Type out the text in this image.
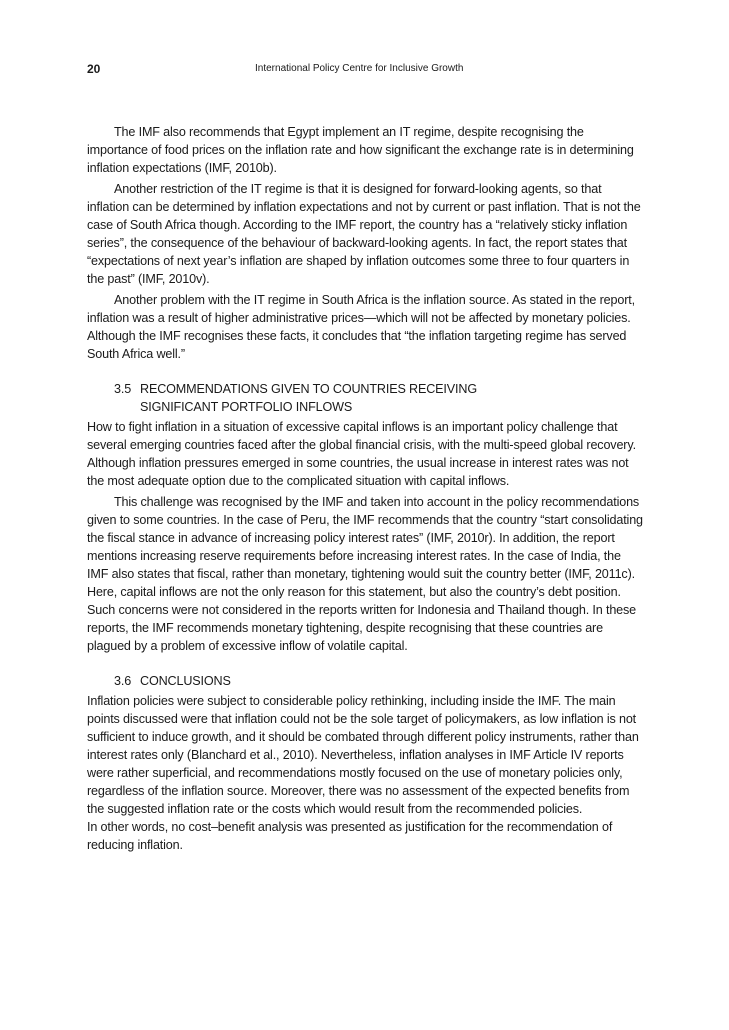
20	International Policy Centre for Inclusive Growth

The IMF also recommends that Egypt implement an IT regime, despite recognising the importance of food prices on the inflation rate and how significant the exchange rate is in determining inflation expectations (IMF, 2010b).

Another restriction of the IT regime is that it is designed for forward-looking agents, so that inflation can be determined by inflation expectations and not by current or past inflation. That is not the case of South Africa though. According to the IMF report, the country has a “relatively sticky inflation series”, the consequence of the behaviour of backward-looking agents. In fact, the report states that “expectations of next year’s inflation are shaped by inflation outcomes some three to four quarters in the past” (IMF, 2010v).

Another problem with the IT regime in South Africa is the inflation source. As stated in the report, inflation was a result of higher administrative prices—which will not be affected by monetary policies. Although the IMF recognises these facts, it concludes that “the inflation targeting regime has served South Africa well.”

3.5 RECOMMENDATIONS GIVEN TO COUNTRIES RECEIVING
SIGNIFICANT PORTFOLIO INFLOWS

How to fight inflation in a situation of excessive capital inflows is an important policy challenge that several emerging countries faced after the global financial crisis, with the multi-speed global recovery. Although inflation pressures emerged in some countries, the usual increase in interest rates was not the most adequate option due to the complicated situation with capital inflows.

This challenge was recognised by the IMF and taken into account in the policy recommendations given to some countries. In the case of Peru, the IMF recommends that the country “start consolidating the fiscal stance in advance of increasing policy interest rates” (IMF, 2010r). In addition, the report mentions increasing reserve requirements before increasing interest rates. In the case of India, the IMF also states that fiscal, rather than monetary, tightening would suit the country better (IMF, 2011c). Here, capital inflows are not the only reason for this statement, but also the country’s debt position. Such concerns were not considered in the reports written for Indonesia and Thailand though. In these reports, the IMF recommends monetary tightening, despite recognising that these countries are plagued by a problem of excessive inflow of volatile capital.

3.6 CONCLUSIONS

Inflation policies were subject to considerable policy rethinking, including inside the IMF. The main points discussed were that inflation could not be the sole target of policymakers, as low inflation is not sufficient to induce growth, and it should be combated through different policy instruments, rather than interest rates only (Blanchard et al., 2010). Nevertheless, inflation analyses in IMF Article IV reports were rather superficial, and recommendations mostly focused on the use of monetary policies only, regardless of the inflation source. Moreover, there was no assessment of the expected benefits from the suggested inflation rate or the costs which would result from the recommended policies.

In other words, no cost–benefit analysis was presented as justification for the recommendation of reducing inflation.
